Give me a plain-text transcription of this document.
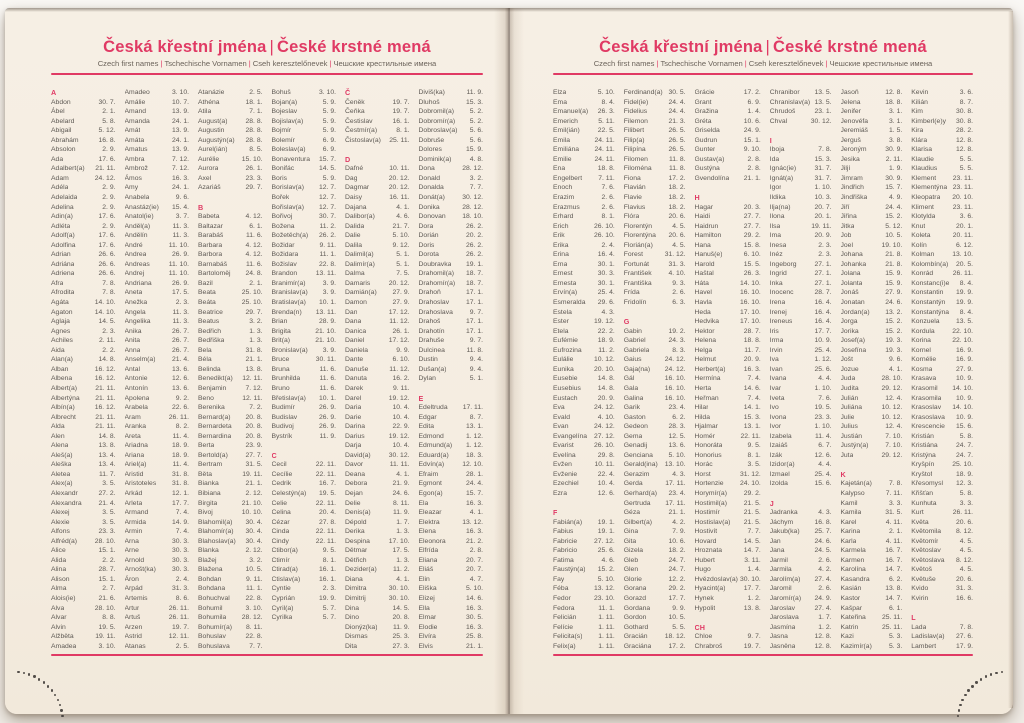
Česká křestní jména | České krstné mená
Czech first names | Tschechische Vornamen | Cseh keresztelőnevek | Чешские крестильные имена
A
Abdon	30. 7.
Ábel	2. 1.
Abelard	5. 8.
Abigail	5. 12.
Abrahám	16. 8.
Absolon	2. 9.
Ada	17. 6.
Adalbert(a) 21. 11.
Adam	24. 12.
Adéla	2. 9.
Adelaida	2. 9.
Adelina	2. 9.
Adin(a)	17. 6.
Adléta	2. 9.
Adolf(a)	17. 6.
Adolfina	17. 6.
Adrian	26. 6.
Adriána	26. 6.
Adriena	26. 6.
Afra	7. 8.
Afrodita	7. 8.
Agáta	14. 10.
Agaton	14. 10.
Aglaja	14. 5.
Agnes	2. 3.
Achiles	2. 11.
Aida	2. 2.
Alan(a)	14. 8.
Alban	16. 12.
Albena	16. 12.
Albert(a)	21. 11.
Albertýna 21. 11.
Albín(a)	16. 12.
Albrecht	21. 11.
Alda	21. 11.
Alen	14. 8.
Alena	13. 8.
Aleš(a)	13. 4.
Aleška	13. 4.
Aletea	11. 7.
Alex(a)	3. 5.
Alexandr	27. 2.
Alexandra 21. 4.
Alexej	3. 5.
Alexie	3. 5.
Alfons	23. 3.
Alfréd(a)	28. 10.
Alice	15. 1.
Alida	2. 2.
Alina	28. 7.
Alison	15. 1.
Alma	2. 7.
Alois(ie)	21. 6.
Alva	28. 10.
Alvar	8. 8.
Alvin	19. 5.
Alžběta	19. 11.
Amadea	3. 10.
Amadeo	3. 10.
Amálie	10. 7.
Amand	13. 9.
Amanda	24. 1.
Amát	13. 9.
Amáta	24. 1.
Amatus	13. 9.
Ambra	7. 12.
Ambrož	7. 12.
Ámos	16. 3.
Amy	24. 1.
Anabela	9. 6.
Anastáz(ie) 15. 4.
Anatol(ie)	3. 7.
Anděl(a)	11. 3.
Andělín	11. 3.
André	11. 10.
Andrea	26. 9.
Andreas	11. 10.
Andrej	11. 10.
Andriana	26. 9.
Aneta	17. 5.
Anežka	2. 3.
Angela	11. 3.
Angelika	11. 3.
Anika	26. 7.
Anita	26. 7.
Anna	26. 7.
Anselm(a) 21. 4.
Antal	13. 6.
Antonie	12. 6.
Antonín	13. 6.
Apolena	9. 2.
Arabela	22. 6.
Aram	26. 11.
Aranka	8. 2.
Areta	11. 4.
Ariadna	18. 9.
Ariana	18. 9.
Ariel(a)	11. 4.
Aristid	31. 8.
Aristoteles 31. 8.
Arkád	12. 1.
Arleta	17. 7.
Armand	7. 4.
Armida	14. 9.
Armin	7. 4.
Arna	30. 3.
Arne	30. 3.
Arnold	30. 3.
Arnošt(ka) 30. 3.
Áron	2. 4.
Arpád	31. 3.
Artemis	8. 6.
Artur	26. 11.
Artuš	26. 11.
Arzen	19. 7.
Astrid	12. 11.
Atanas	2. 5.
Atanázie	2. 5.
Athéna	18. 1.
Atila	7. 1.
August(a)	28. 8.
Augustin	28. 8.
Augustýn(a) 28. 8.
Aurel(ián)	8. 5.
Aurélie	15. 10.
Aurora	26. 1.
Axel	23. 3.
Azariáš	29. 7.
B
Babeta	4. 12.
Baltazar	6. 1.
Barabáš	11. 6.
Barbara	4. 12.
Barbora	4. 12.
Barnabáš	11. 6.
Bartoloměj 24. 8.
Bazil	2. 1.
Beata	25. 10.
Beáta	25. 10.
Beatrice	29. 7.
Beatus	3. 2.
Bedřich	1. 3.
Bedřiška	1. 3.
Bela	31. 8.
Béla	21. 1.
Belinda	13. 8.
Benedikt(a) 12. 11.
Benjamin	7. 12.
Beno	12. 11.
Berenika	7. 2.
Bernard(a) 20. 8.
Bernardeta 20. 8.
Bernardina 20. 8.
Berta	23. 9.
Bertold(a)	27. 7.
Bertram	31. 5.
Běta	19. 11.
Bianka	21. 1.
Bibiana	2. 12.
Birgita	21. 10.
Bivoj	10. 10.
Blahomil(a) 30. 4.
Blahomír(a) 30. 4.
Blahoslav(a) 30. 4.
Blanka	2. 12.
Blažej	3. 2.
Blažena	10. 5.
Bohdan	9. 11.
Bohdana	11. 1.
Bohuchval 22. 8.
Bohumil	3. 10.
Bohumila 28. 12.
Bohumír(a) 8. 11.
Bohuslav	22. 8.
Bohuslava	7. 7.
Bohuš	3. 10.
Bojan(a)	5. 9.
Bojeslav	5. 9.
Bojislav(a)	5. 9.
Bojmír	5. 9.
Bolemír	6. 9.
Boleslav(a)	6. 9.
Bonaventura 15. 7.
Bonifác	14. 5.
Boris	5. 9.
Borislav(a) 12. 7.
Bořek	12. 7.
Bořislav(a) 12. 7.
Bořivoj	30. 7.
Božena	11. 2.
Božetěch(a) 26. 2.
Božidar	9. 11.
Božidara	11. 1.
Božislav	22. 8.
Brandon	13. 11.
Branimír(a)	3. 9.
Branislav(a) 3. 9.
Bratislav(a) 10. 1.
Brenda(n) 13. 11.
Brian	28. 9.
Brigita	21. 10.
Brit(a)	21. 10.
Bronislav(a) 3. 9.
Bruce	30. 11.
Bruna	11. 6.
Brunhilda	11. 6.
Bruno	11. 6.
Břetislav(a) 10. 1.
Budimír	26. 9.
Budislav	26. 9.
Budivoj	26. 9.
Bystrík	11. 9.
C
Cecil	22. 11.
Cecílie	22. 11.
Cedrik	16. 7.
Celestýn(a) 19. 5.
Celie	22. 11.
Celina	20. 4.
Cézar	27. 8.
Cinda	22. 11.
Cindy	22. 11.
Ctibor(a)	9. 5.
Ctimír	8. 1.
Ctirad(a)	16. 1.
Ctislav(a)	16. 1.
Cyntie	2. 3.
Cyprián	19. 9.
Cyril(a)	5. 7.
Cyrilka	5. 7.
Č
Čeněk	19. 7.
Čeňka	19. 7.
Čestislav	16. 1.
Čestmír(a)	8. 1.
Čistoslav(a) 25. 11.
D
Dafné	10. 11.
Dag	20. 12.
Dagmar	20. 12.
Daisy	16. 11.
Dajana	4. 1.
Dalibor(a)	4. 6.
Dalida	21. 7.
Dalie	5. 10.
Dalila	9. 12.
Dalimil(a)	5. 1.
Dalimír(a)	5. 1.
Dalma	7. 5.
Damaris	20. 12.
Damián(a) 27. 9.
Damon	27. 9.
Dan	17. 12.
Dana	11. 12.
Danica	26. 1.
Daniel	17. 12.
Daniela	9. 9.
Dante	6. 10.
Danuše	11. 12.
Danuta	16. 2.
Darek	9. 11.
Darel	19. 12.
Daria	10. 4.
Darie	10. 4.
Darina	22. 9.
Darius	19. 12.
Darja	10. 4.
David(a)	30. 12.
Davor	11. 11.
Deana	4. 1.
Debora	21. 9.
Dejan	24. 6.
Delie	8. 11.
Denis(a)	11. 9.
Dépold	1. 7.
Derika	1. 3.
Despina	17. 10.
Dětmar	17. 5.
Dětřich	1. 3.
Dezider(a) 11. 2.
Diana	4. 1.
Dimitra	30. 10.
Dimitrij	30. 10.
Dina	14. 5.
Dino	20. 8.
Dionýz(ka) 11. 9.
Dismas	25. 3.
Dita	27. 3.
Diviš(ka)	11. 9.
Dluhoš	15. 3.
Dobromil(a) 5. 2.
Dobromír(a) 5. 2.
Dobroslav(a) 5. 6.
Dobruše	5. 6.
Dolores	15. 9.
Dominik(a)	4. 8.
Dona	28. 12.
Donald	3. 2.
Donalda	7. 7.
Donát(a)	30. 12.
Donika	28. 12.
Donovan 18. 10.
Dora	26. 2.
Dorián	20. 2.
Doris	26. 2.
Dorota	26. 2.
Doubravka 19. 1.
Drahomil(a) 18. 7.
Drahomír(a) 18. 7.
Drahoň	17. 1.
Drahoslav 17. 1.
Drahoslava 9. 7.
Drahoš	17. 1.
Drahotín	17. 1.
Drahuše	9. 7.
Dulcinea	11. 8.
Dustin	9. 4.
Dušan(a)	9. 4.
Dylan	5. 1.
E
Edeltruda 17. 11.
Edgar	8. 7.
Edita	13. 1.
Edmond	1. 12.
Edmund(a) 1. 12.
Eduard(a)	18. 3.
Edvín(a)	12. 10.
Efraim	28. 1.
Egmont	24. 4.
Egon(a)	15. 7.
Ela	16. 3.
Eleazar	4. 1.
Elektra	13. 12.
Elena	16. 3.
Eleonora	21. 2.
Elfrída	2. 8.
Eliana	20. 7.
Eliáš	20. 7.
Elin	4. 7.
Eliška	5. 10.
Elizej	14. 6.
Ella	16. 3.
Elmar	30. 5.
Elodie	16. 3.
Elvíra	25. 8.
Elvis	21. 1.
Česká křestní jména | České krstné mená
Czech first names | Tschechische Vornamen | Cseh keresztelőnevek | Чешские крестильные имена
Elza	5. 10.
Ema	8. 4.
Emanuel(a) 26. 3.
Emerich	5. 11.
Emil(ián)	22. 5.
Emila	24. 11.
Emiliána 24. 11.
Emilie	24. 11.
Ena	18. 8.
Engelbert 7. 11.
Enoch	7. 6.
Erazim	2. 6.
Erazmus	2. 6.
Erhard	8. 1.
Erich	26. 10.
Erik	26. 10.
Erika	2. 4.
Erina	16. 4.
Erna	30. 1.
Ernest	30. 3.
Ernesta	30. 1.
Ervín(a)	25. 4.
Esmeralda 29. 6.
Estela	4. 3.
Ester	19. 12.
Etela	22. 2.
Eufémie	18. 9.
Eufrozina 11. 2.
Eulálie	10. 12.
Eunika	20. 10.
Eusebie	14. 8.
Eusebius 14. 8.
Eustach	20. 9.
Eva	24. 12.
Evald	4. 10.
Evan	24. 12.
Evangelína 27. 12.
Evarist	26. 10.
Evelína	29. 8.
Evžen	10. 11.
Evženie	22. 4.
Ezechiel	10. 4.
Ezra	12. 6.
F
Fabián(a) 19. 1.
Fabius	19. 1.
Fabricie 27. 12.
Fabricio	25. 6.
Fatima	4. 6.
Faustýn(a) 15. 2.
Fay	5. 10.
Féba	13. 12.
Fedor	23. 10.
Fedora	11. 1.
Felicián	1. 11.
Felície	1. 11.
Felicita(s) 1. 11.
Felix(a)	1. 11.
Ferdinand(a) 30. 5.
Fidel(ie)	24. 4.
Fidelius	24. 4.
Filemon	21. 3.
Filibert	26. 5.
Filip(a)	26. 5.
Filipína	26. 5.
Filomen	11. 8.
Filoména	11. 8.
Fiona	17. 2.
Flavián	18. 2.
Flavie	18. 2.
Flavius	18. 2.
Flóra	20. 6.
Florentýn	4. 5.
Florentýna 20. 6.
Florián(a)	4. 5.
Forest	31. 12.
Fortunát	31. 3.
František 4. 10.
Františka	9. 3.
Frída	2. 6.
Fridolín	6. 3.
G
Gabin	19. 2.
Gabriel	24. 3.
Gabriela	8. 3.
Gaius	24. 12.
Gaja(na) 24. 12.
Gál	16. 10.
Gala	16. 10.
Galina	16. 10.
Garik	23. 4.
Gaston	6. 2.
Gedeon	28. 3.
Gema	12. 5.
Genadij	13. 6.
Genciana 5. 10.
Gerald(ina) 13. 10.
Gerazim	4. 3.
Gerda	17. 11.
Gerhard(a) 23. 4.
Gertruda 17. 11.
Géza	21. 1.
Gilbert(a)	4. 2.
Gina	7. 9.
Gita	10. 6.
Gizela	18. 2.
Gleb	24. 7.
Glen	24. 7.
Glorie	12. 2.
Gorana	29. 2.
Gorazd	17. 7.
Gordana	9. 9.
Gordon	10. 5.
Gothard	5. 5.
Gracián	18. 12.
Graciána	17. 2.
Grácie	17. 2.
Grant	6. 9.
Gražina	1. 4.
Gréta	10. 6.
Griselda	24. 9.
Gudrun	15. 1.
Gunter	9. 10.
Gustav(a)	2. 8.
Gustýna	2. 8.
Gvendolína 21. 1.
H
Hagar	20. 3.
Haidi	27. 7.
Haidrun	27. 7.
Hamilton	29. 2.
Hana	15. 8.
Hanuš(e)	6. 10.
Harold	15. 5.
Haštal	26. 3.
Háta	14. 10.
Havel	16. 10.
Havla	16. 10.
Heda	17. 10.
Hedvika	17. 10.
Hektor	28. 7.
Helena	18. 8.
Helga	11. 7.
Helmut	20. 9.
Herbert(a)	16. 3.
Hermína	7. 4.
Herta	14. 6.
Heřman	7. 4.
Hilar	14. 1.
Hilda	15. 3.
Hjalmar	13. 1.
Homér	22. 11.
Honoráta	9. 5.
Honorius	8. 1.
Horác	3. 5.
Horst	31. 12.
Hortenzie 24. 10.
Horymír(a) 29. 2.
Hostimil(a) 21. 5.
Hostimír	21. 5.
Hostislav(a) 21. 5.
Hostivít	7. 7.
Hovard	14. 5.
Hroznata	14. 7.
Hubert	3. 11.
Hugo	1. 4.
Hvězdoslav(a) 30. 10.
Hyacint(a)	17. 7.
Hynek	1. 2.
Hypolit	13. 8.
CH
Chloe	9. 7.
Chrabroš	19. 7.
Chranibor 13. 5.
Chranislav(a) 13. 5.
Chrudoš	23. 1.
Chval	30. 12.
I
Iboja	7. 8.
Ida	15. 3.
Ignác(ie)	31. 7.
Ignát(a)	31. 7.
Igor	1. 10.
Ildika	10. 3.
Ilja(na)	20. 7.
Ilona	20. 1.
Ilsa	19. 11.
Ima	20. 9.
Inesa	2. 3.
Inéz	2. 3.
Ingeborg	27. 1.
Ingrid	27. 1.
Inka	27. 1.
Inocenc	28. 7.
Irena	16. 4.
Irenej	16. 4.
Ireneus	16. 4.
Iris	17. 7.
Irma	10. 9.
Irvin	25. 4.
Iva	1. 12.
Ivan	25. 6.
Ivana	4. 4.
Ivar	1. 10.
Iveta	7. 6.
Ivo	19. 5.
Ivona	23. 3.
Ivor	1. 10.
Izabela	11. 4.
Izaiáš	6. 7.
Izák	12. 6.
Izidor(a)	4. 4.
Izmael	25. 4.
Izolda	15. 6.
J
Jadranka	4. 3.
Jáchym	16. 8.
Jakub(ka) 25. 7.
Jan	24. 6.
Jana	24. 5.
Jarmil	2. 6.
Jarmila	4. 2.
Jarolím(a) 27. 4.
Jaromil	2. 6.
Jaromír(a) 24. 9.
Jaroslav	27. 4.
Jaroslava	1. 7.
Jasmína	1. 2.
Jasna	12. 8.
Jasněna	12. 8.
Jasoň	12. 8.
Jelena	18. 8.
Jenifer	3. 1.
Jenovéfa	3. 1.
Jeremiáš	1. 5.
Jerguš	3. 8.
Jeroným	30. 9.
Jesika	2. 11.
Jiljí	1. 9.
Jimram	30. 9.
Jindřich	15. 7.
Jindřiška	4. 9.
Jiří	24. 4.
Jiřina	15. 2.
Jitka	5. 12.
Job	10. 5.
Joel	19. 10.
Johana	21. 8.
Johanka	21. 8.
Jolana	15. 9.
Jolanta	15. 9.
Jonáš	27. 9.
Jonatan	24. 6.
Jordan(a) 13. 2.
Jorga	15. 2.
Jorika	15. 2.
Josef(a)	19. 3.
Josefína	19. 3.
Jošt	9. 6.
Jozue	4. 1.
Juda	28. 10.
Judita	29. 12.
Julián	12. 4.
Juliána	10. 12.
Julie	10. 12.
Julius	12. 4.
Justián	7. 10.
Justýn(a) 7. 10.
Juta	29. 12.
K
Kajetán(a)	7. 8.
Kalypso	7. 11.
Kamil	3. 3.
Kamila	31. 5.
Karel	4. 11.
Karina	2. 1.
Karla	4. 11.
Karmela	16. 7.
Karmen	16. 7.
Karolína	14. 7.
Kasandra	6. 2.
Kasián	13. 8.
Kastor	14. 7.
Kašpar	6. 1.
Kateřina 25. 11.
Katrin	25. 11.
Kazi	5. 3.
Kazimír(a)	5. 3.
Kevin	3. 6.
Kilián	8. 7.
Kim	30. 8.
Kimberl(e)y 30. 8.
Kira	28. 2.
Klára	12. 8.
Klarisa	12. 8.
Klaudie	5. 5.
Klaudius	5. 5.
Klement 23. 11.
Klementýna 23. 11.
Kleopatra 20. 10.
Kliment	23. 11.
Klotylda	3. 6.
Knut	20. 1.
Koleta	20. 11.
Kolín	6. 12.
Kolman	13. 10.
Kolombín(a) 20. 5.
Konrád	26. 11.
Konstanc(i)e 8. 4.
Konstantin 19. 9.
Konstantýn 19. 9.
Konstantýna 8. 4.
Konzuela 13. 5.
Kordula	22. 10.
Korina	22. 10.
Kornel	16. 9.
Kornélie	16. 9.
Kosma	27. 9.
Krasava	10. 9.
Krasomil 14. 10.
Krasomila 10. 9.
Krasoslav 14. 10.
Krasoslava 10. 9.
Krescencie 15. 6.
Kristián	5. 8.
Kristiána	24. 7.
Kristýna	24. 7.
Kryšpín	25. 10.
Kryštof	18. 9.
Křesomysl 12. 3.
Křišťan	5. 8.
Kunhuta	3. 3.
Kurt	26. 11.
Květa	20. 6.
Květomila 8. 12.
Květomír	4. 5.
Květoslav	4. 5.
Květoslava 8. 12.
Květoš	4. 5.
Květuše	20. 6.
Kvido	31. 3.
Kvirin	16. 6.
L
Lada	7. 8.
Ladislav(a) 27. 6.
Lambert	17. 9.
